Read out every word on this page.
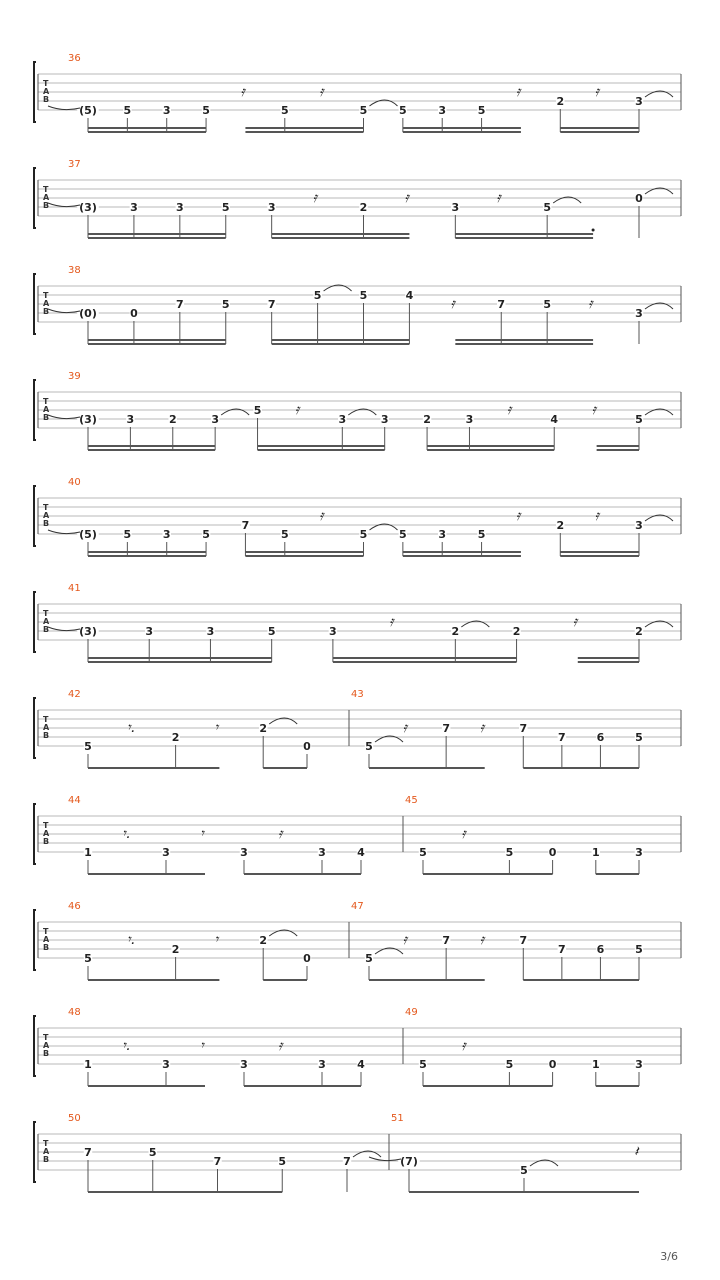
T
A
B
36
(5) 5	3	5
𝄿
5
𝄿
5	5	3	5
𝄿
2
𝄿
3
T
A
B
37
(3)	3	3	5	3
𝄿
2
𝄿
3
𝄿
5
0
T
A
B
38
(0)	0
7	5	7
5	5	4
𝄿	7	5	𝄿
3
T
A
B
39
(3)	3	2	3
5 𝄿
3	3	2	3
𝄿
4
𝄿
5
T
A
B
40
(5) 5	3	5
7
5
𝄿
5	5	3	5
𝄿
2
𝄿
3
T
A
B
41
(3)	3	3	5	3
𝄿
2	2
𝄿
2
T
A
B
42
5
𝄾.
2
𝄾	2
0
43
5
𝄿	7 𝄿	7
7	6	5
T
A
B
44
1
𝄾.
3
𝄾
3
𝄿
3	4
45
5
𝄿
5	0	1	3
T
A
B
46
5
𝄾.
2
𝄾	2
0
47
5
𝄿	7 𝄿	7
7	6	5
T
A
B
48
1
𝄾.
3
𝄾
3
𝄿
3	4
49
5
𝄿
5	0	1	3
T
A
B
50
7	5
7	5	7
51
(7)
5
𝄽
3/6
